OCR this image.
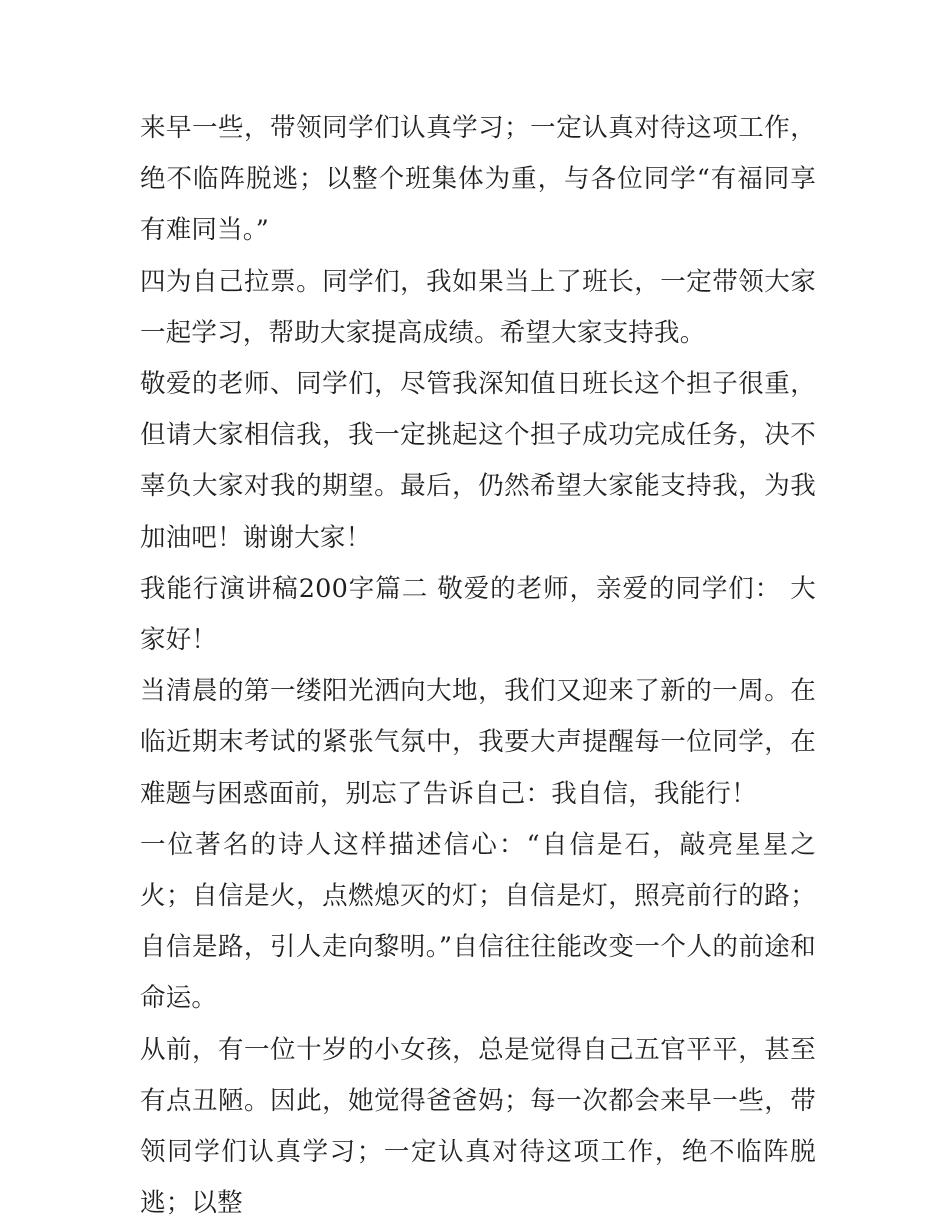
来早一些，带领同学们认真学习；一定认真对待这项工作，绝不临阵脱逃；以整个班集体为重，与各位同学“有福同享有难同当。”

四为自己拉票。同学们，我如果当上了班长，一定带领大家一起学习，帮助大家提高成绩。希望大家支持我。

敬爱的老师、同学们，尽管我深知值日班长这个担子很重，但请大家相信我，我一定挑起这个担子成功完成任务，决不辜负大家对我的期望。最后，仍然希望大家能支持我，为我加油吧！谢谢大家！

我能行演讲稿200字篇二 敬爱的老师，亲爱的同学们： 大家好！

当清晨的第一缕阳光洒向大地，我们又迎来了新的一周。在临近期末考试的紧张气氛中，我要大声提醒每一位同学，在难题与困惑面前，别忘了告诉自己：我自信，我能行！

一位著名的诗人这样描述信心：“自信是石，敲亮星星之火；自信是火，点燃熄灭的灯；自信是灯，照亮前行的路；自信是路，引人走向黎明。”自信往往能改变一个人的前途和命运。

从前，有一位十岁的小女孩，总是觉得自己五官平平，甚至有点丑陋。因此，她觉得爸爸妈；每一次都会来早一些，带领同学们认真学习；一定认真对待这项工作，绝不临阵脱逃；以整
